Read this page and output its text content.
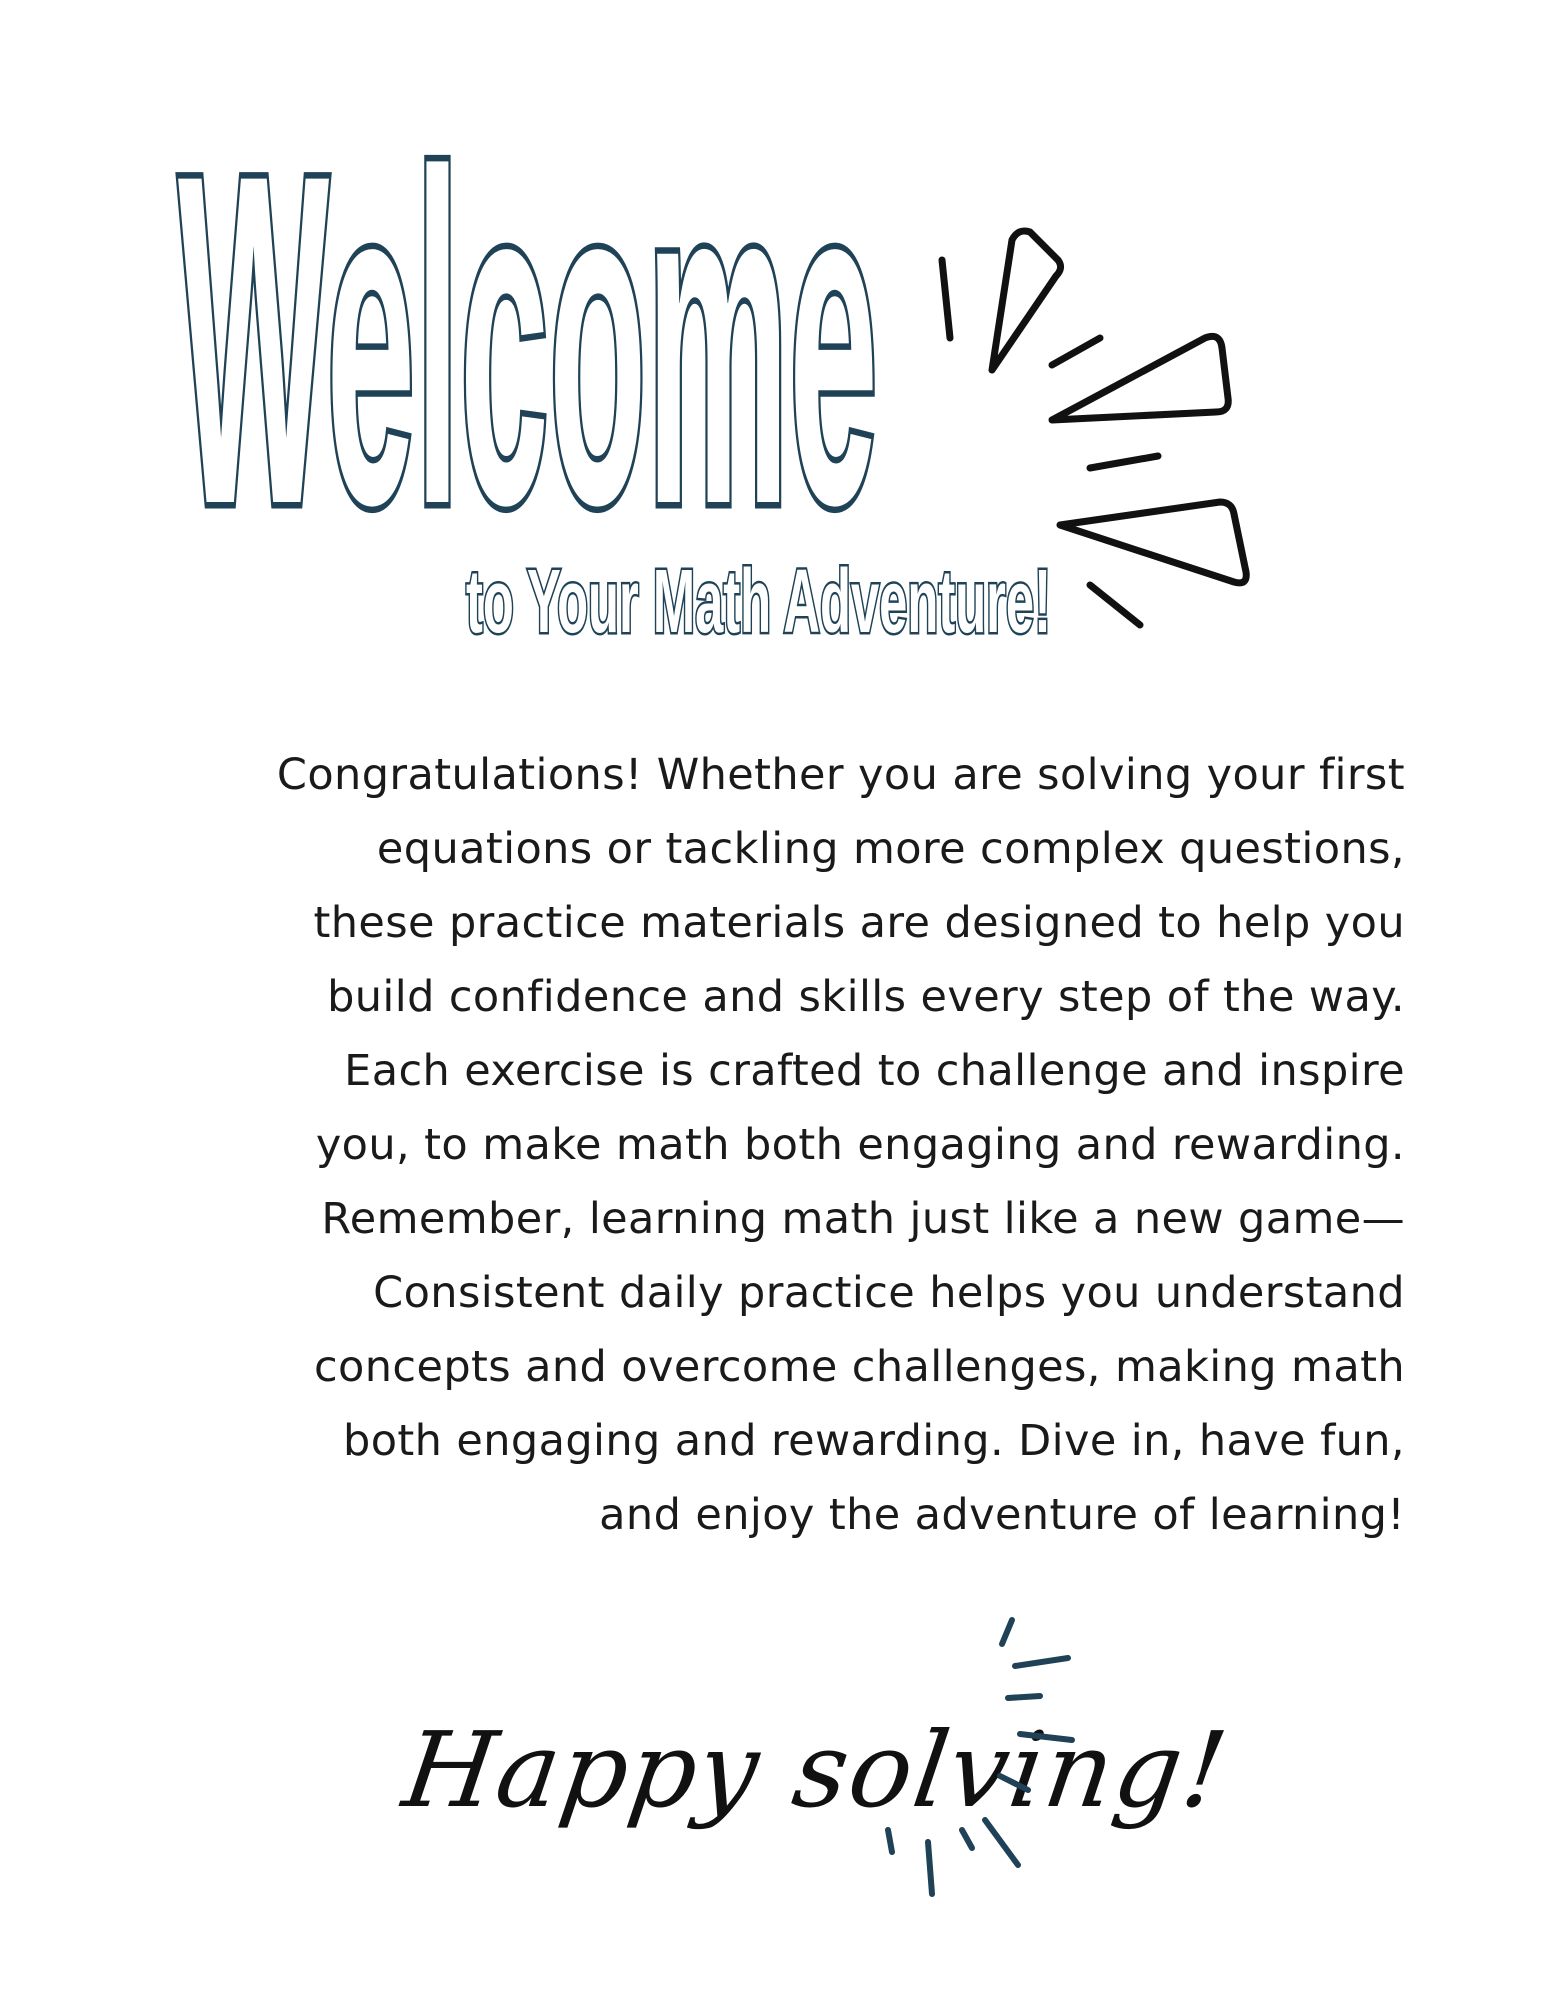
Welcome
to Your Math Adventure!

Congratulations! Whether you are solving your first
equations or tackling more complex questions,
these practice materials are designed to help you
build confidence and skills every step of the way.
Each exercise is crafted to challenge and inspire
you, to make math both engaging and rewarding.
Remember, learning math just like a new game—
Consistent daily practice helps you understand
concepts and overcome challenges, making math
both engaging and rewarding. Dive in, have fun,
and enjoy the adventure of learning!

Happy solving!
